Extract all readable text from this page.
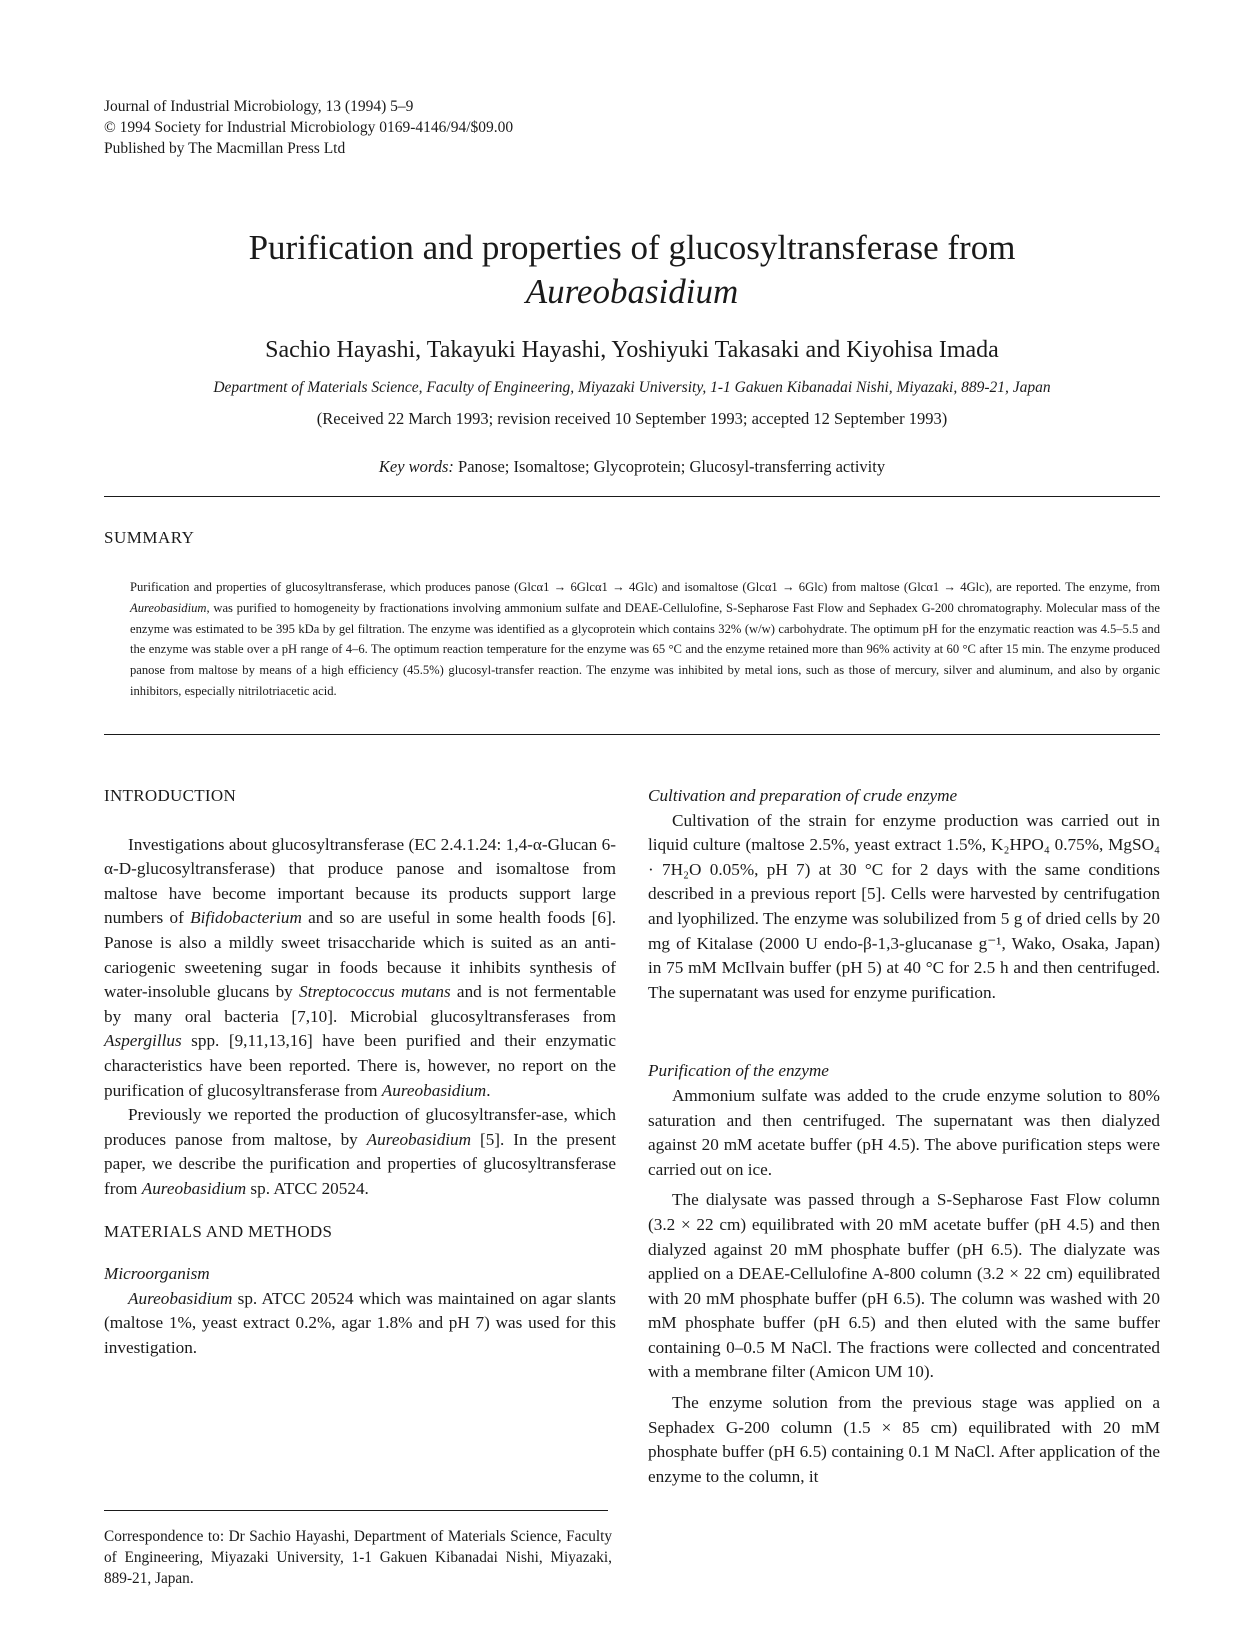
Journal of Industrial Microbiology, 13 (1994) 5–9
© 1994 Society for Industrial Microbiology 0169-4146/94/$09.00
Published by The Macmillan Press Ltd
Purification and properties of glucosyltransferase from
Aureobasidium
Sachio Hayashi, Takayuki Hayashi, Yoshiyuki Takasaki and Kiyohisa Imada
Department of Materials Science, Faculty of Engineering, Miyazaki University, 1-1 Gakuen Kibanadai Nishi, Miyazaki, 889-21, Japan
(Received 22 March 1993; revision received 10 September 1993; accepted 12 September 1993)
Key words: Panose; Isomaltose; Glycoprotein; Glucosyl-transferring activity
SUMMARY
Purification and properties of glucosyltransferase, which produces panose (Glcα1 → 6Glcα1 → 4Glc) and isomaltose (Glcα1 → 6Glc) from maltose (Glcα1 → 4Glc), are reported. The enzyme, from Aureobasidium, was purified to homogeneity by fractionations involving ammonium sulfate and DEAE-Cellulofine, S-Sepharose Fast Flow and Sephadex G-200 chromatography. Molecular mass of the enzyme was estimated to be 395 kDa by gel filtration. The enzyme was identified as a glycoprotein which contains 32% (w/w) carbohydrate. The optimum pH for the enzymatic reaction was 4.5–5.5 and the enzyme was stable over a pH range of 4–6. The optimum reaction temperature for the enzyme was 65 °C and the enzyme retained more than 96% activity at 60 °C after 15 min. The enzyme produced panose from maltose by means of a high efficiency (45.5%) glucosyl-transfer reaction. The enzyme was inhibited by metal ions, such as those of mercury, silver and aluminum, and also by organic inhibitors, especially nitrilotriacetic acid.
INTRODUCTION

Investigations about glucosyltransferase (EC 2.4.1.24: 1,4-α-Glucan 6-α-D-glucosyltransferase) that produce panose and isomaltose from maltose have become important because its products support large numbers of Bifidobacterium and so are useful in some health foods [6]. Panose is also a mildly sweet trisaccharide which is suited as an anti-cariogenic sweetening sugar in foods because it inhibits synthesis of water-insoluble glucans by Streptococcus mutans and is not fermentable by many oral bacteria [7,10]. Microbial glucosyltransferases from Aspergillus spp. [9,11,13,16] have been purified and their enzymatic characteristics have been reported. There is, however, no report on the purification of glucosyltransferase from Aureobasidium.

Previously we reported the production of glucosyltransfer-ase, which produces panose from maltose, by Aureobasidium [5]. In the present paper, we describe the purification and properties of glucosyltransferase from Aureobasidium sp. ATCC 20524.

MATERIALS AND METHODS
Microorganism

Aureobasidium sp. ATCC 20524 which was maintained on agar slants (maltose 1%, yeast extract 0.2%, agar 1.8% and pH 7) was used for this investigation.

Correspondence to: Dr Sachio Hayashi, Department of Materials Science, Faculty of Engineering, Miyazaki University, 1-1 Gakuen Kibanadai Nishi, Miyazaki, 889-21, Japan.
Cultivation and preparation of crude enzyme

Cultivation of the strain for enzyme production was carried out in liquid culture (maltose 2.5%, yeast extract 1.5%, K₂HPO₄ 0.75%, MgSO₄ · 7H₂O 0.05%, pH 7) at 30 °C for 2 days with the same conditions described in a previous report [5]. Cells were harvested by centrifugation and lyophilized. The enzyme was solubilized from 5 g of dried cells by 20 mg of Kitalase (2000 U endo-β-1,3-glucanase g⁻¹, Wako, Osaka, Japan) in 75 mM McIlvain buffer (pH 5) at 40 °C for 2.5 h and then centrifuged. The supernatant was used for enzyme purification.

Purification of the enzyme

Ammonium sulfate was added to the crude enzyme solution to 80% saturation and then centrifuged. The supernatant was then dialyzed against 20 mM acetate buffer (pH 4.5). The above purification steps were carried out on ice.

The dialysate was passed through a S-Sepharose Fast Flow column (3.2 × 22 cm) equilibrated with 20 mM acetate buffer (pH 4.5) and then dialyzed against 20 mM phosphate buffer (pH 6.5). The dialyzate was applied on a DEAE-Cellulofine A-800 column (3.2 × 22 cm) equilibrated with 20 mM phosphate buffer (pH 6.5). The column was washed with 20 mM phosphate buffer (pH 6.5) and then eluted with the same buffer containing 0–0.5 M NaCl. The fractions were collected and concentrated with a membrane filter (Amicon UM 10).

The enzyme solution from the previous stage was applied on a Sephadex G-200 column (1.5 × 85 cm) equilibrated with 20 mM phosphate buffer (pH 6.5) containing 0.1 M NaCl. After application of the enzyme to the column, it
